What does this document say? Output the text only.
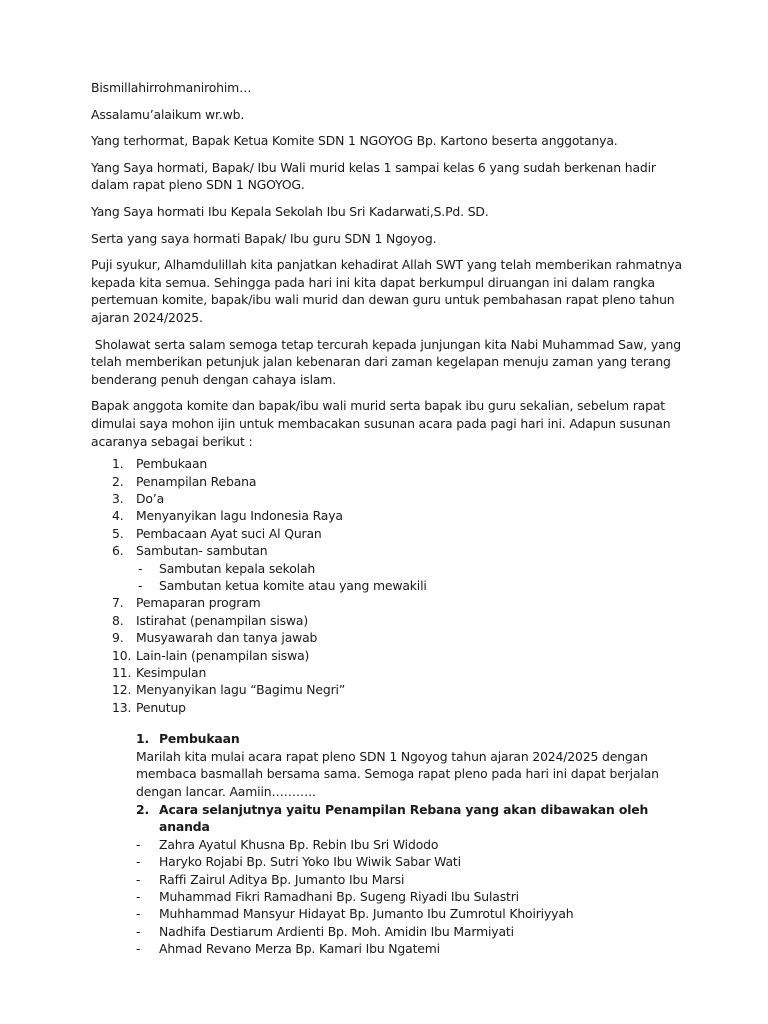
Bismillahirrohmanirohim…

Assalamu’alaikum wr.wb.

Yang terhormat, Bapak Ketua Komite SDN 1 NGOYOG Bp. Kartono beserta anggotanya.

Yang Saya hormati, Bapak/ Ibu Wali murid kelas 1 sampai kelas 6 yang sudah berkenan hadir dalam rapat pleno SDN 1 NGOYOG.

Yang Saya hormati Ibu Kepala Sekolah Ibu Sri Kadarwati,S.Pd. SD.

Serta yang saya hormati Bapak/ Ibu guru SDN 1 Ngoyog.

Puji syukur, Alhamdulillah kita panjatkan kehadirat Allah SWT yang telah memberikan rahmatnya kepada kita semua. Sehingga pada hari ini kita dapat berkumpul diruangan ini dalam rangka pertemuan komite, bapak/ibu wali murid dan dewan guru untuk pembahasan rapat pleno tahun ajaran 2024/2025.

Sholawat serta salam semoga tetap tercurah kepada junjungan kita Nabi Muhammad Saw, yang telah memberikan petunjuk jalan kebenaran dari zaman kegelapan menuju zaman yang terang benderang penuh dengan cahaya islam.

Bapak anggota komite dan bapak/ibu wali murid serta bapak ibu guru sekalian, sebelum rapat dimulai saya mohon ijin untuk membacakan susunan acara pada pagi hari ini. Adapun susunan acaranya sebagai berikut :

1. Pembukaan
2. Penampilan Rebana
3. Do’a
4. Menyanyikan lagu Indonesia Raya
5. Pembacaan Ayat suci Al Quran
6. Sambutan- sambutan
- Sambutan kepala sekolah
- Sambutan ketua komite atau yang mewakili
7. Pemaparan program
8. Istirahat (penampilan siswa)
9. Musyawarah dan tanya jawab
10. Lain-lain (penampilan siswa)
11. Kesimpulan
12. Menyanyikan lagu “Bagimu Negri”
13. Penutup
1. Pembukaan
Marilah kita mulai acara rapat pleno SDN 1 Ngoyog tahun ajaran 2024/2025 dengan membaca basmallah bersama sama. Semoga rapat pleno pada hari ini dapat berjalan dengan lancar. Aamiin………..
2. Acara selanjutnya yaitu Penampilan Rebana yang akan dibawakan oleh ananda
- Zahra Ayatul Khusna Bp. Rebin Ibu Sri Widodo
- Haryko Rojabi Bp. Sutri Yoko Ibu Wiwik Sabar Wati
- Raffi Zairul Aditya Bp. Jumanto Ibu Marsi
- Muhammad Fikri Ramadhani Bp. Sugeng Riyadi Ibu Sulastri
- Muhhammad Mansyur Hidayat Bp. Jumanto Ibu Zumrotul Khoiriyyah
- Nadhifa Destiarum Ardienti Bp. Moh. Amidin Ibu Marmiyati
- Ahmad Revano Merza Bp. Kamari Ibu Ngatemi
